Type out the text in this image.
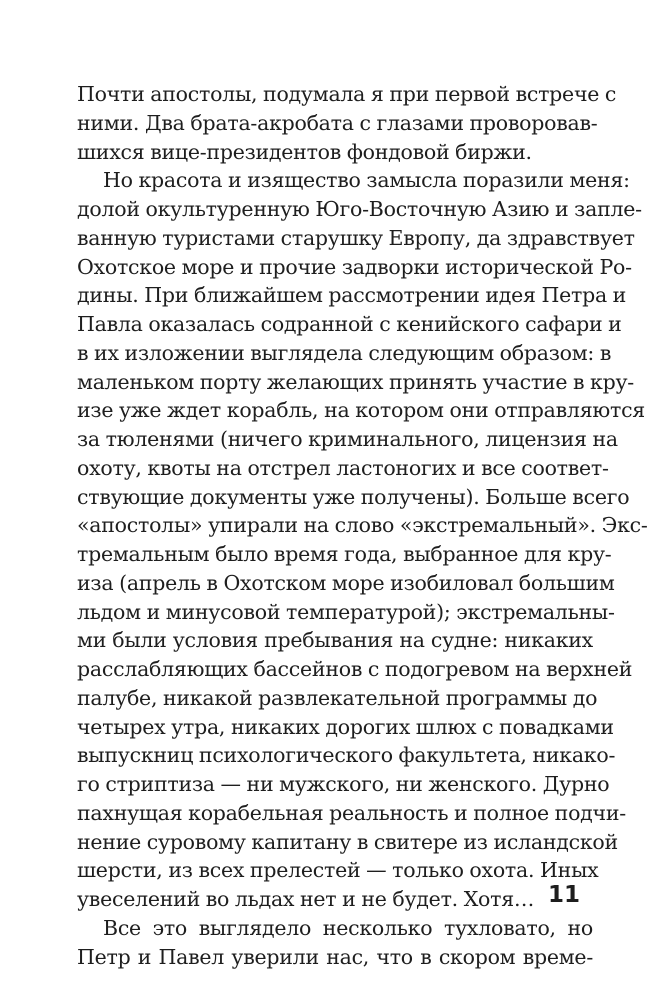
Почти апостолы, подумала я при первой встрече с
ними. Два брата-акробата с глазами проворовав-
шихся вице-президентов фондовой биржи.
Но красота и изящество замысла поразили меня:
долой окультуренную Юго-Восточную Азию и запле-
ванную туристами старушку Европу, да здравствует
Охотское море и прочие задворки исторической Ро-
дины. При ближайшем рассмотрении идея Петра и
Павла оказалась содранной с кенийского сафари и
в их изложении выглядела следующим образом: в
маленьком порту желающих принять участие в кру-
изе уже ждет корабль, на котором они отправляются
за тюленями (ничего криминального, лицензия на
охоту, квоты на отстрел ластоногих и все соответ-
ствующие документы уже получены). Больше всего
«апостолы» упирали на слово «экстремальный». Экс-
тремальным было время года, выбранное для кру-
иза (апрель в Охотском море изобиловал большим
льдом и минусовой температурой); экстремальны-
ми были условия пребывания на судне: никаких
расслабляющих бассейнов с подогревом на верхней
палубе, никакой развлекательной программы до
четырех утра, никаких дорогих шлюх с повадками
выпускниц психологического факультета, никако-
го стриптиза — ни мужского, ни женского. Дурно
пахнущая корабельная реальность и полное подчи-
нение суровому капитану в свитере из исландской
шерсти, из всех прелестей — только охота. Иных
увеселений во льдах нет и не будет. Хотя…
Все это выглядело несколько тухловато, но
Петр и Павел уверили нас, что в скором време-
11
